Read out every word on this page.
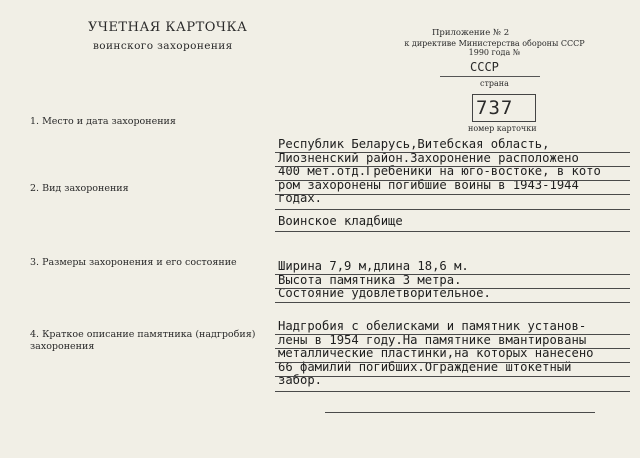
УЧЕТНАЯ КАРТОЧКА
воинского захоронения
Приложение № 2
к директиве Министерства обороны СССР
1990 года №
СССР
страна
737
номер карточки
1. Место и дата захоронения
2. Вид захоронения
3. Размеры захоронения и его состояние
4. Краткое описание памятника (надгробия)
захоронения
Республик Беларусь,Витебская область,
Лиозненский район.Захоронение расположено
400 мет.отд.Гребеники на юго-востоке, в кото
ром захоронены погибшие воины в 1943-1944
годах.
Воинское кладбище
Ширина 7,9 м,длина 18,6 м.
Высота памятника 3 метра.
Состояние удовлетворительное.
Надгробия с обелисками и памятник установ-
лены в 1954 году.На памятнике вмантированы
металлические пластинки,на которых нанесено
66 фамилий погибших.Ограждение штокетный
забор.
